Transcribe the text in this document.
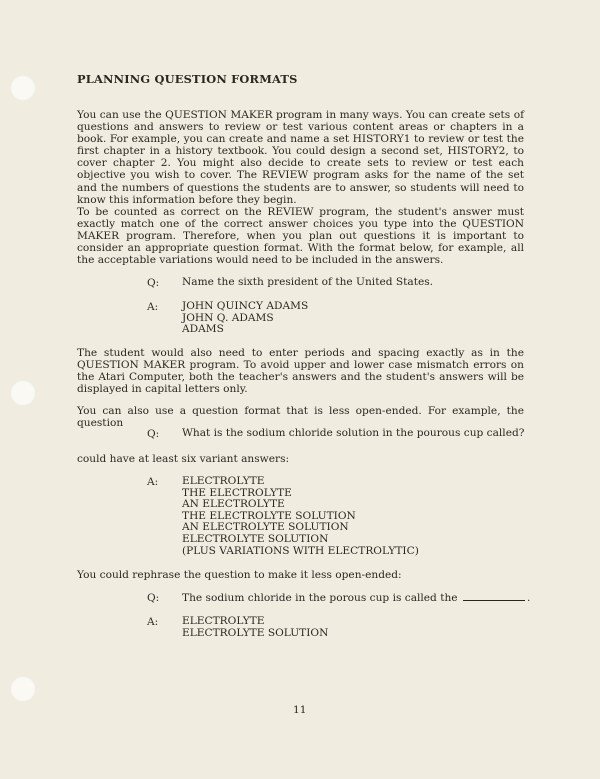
PLANNING QUESTION FORMATS

You can use the QUESTION MAKER program in many ways. You can create sets of questions and answers to review or test various content areas or chapters in a book. For example, you can create and name a set HISTORY1 to review or test the first chapter in a history textbook. You could design a second set, HISTORY2, to cover chapter 2. You might also decide to create sets to review or test each objective you wish to cover. The REVIEW program asks for the name of the set and the numbers of questions the students are to answer, so students will need to know this information before they begin.

To be counted as correct on the REVIEW program, the student's answer must exactly match one of the correct answer choices you type into the QUESTION MAKER program. Therefore, when you plan out questions it is important to consider an appropriate question format. With the format below, for example, all the acceptable variations would need to be included in the answers.

Q: Name the sixth president of the United States.
A: JOHN QUINCY ADAMS
JOHN Q. ADAMS
ADAMS

The student would also need to enter periods and spacing exactly as in the QUESTION MAKER program. To avoid upper and lower case mismatch errors on the Atari Computer, both the teacher's answers and the student's answers will be displayed in capital letters only.

You can also use a question format that is less open-ended. For example, the question

Q: What is the sodium chloride solution in the pourous cup called?

could have at least six variant answers:

A: ELECTROLYTE
THE ELECTROLYTE
AN ELECTROLYTE
THE ELECTROLYTE SOLUTION
AN ELECTROLYTE SOLUTION
ELECTROLYTE SOLUTION
(PLUS VARIATIONS WITH ELECTROLYTIC)

You could rephrase the question to make it less open-ended:

Q: The sodium chloride in the porous cup is called the	.
A: ELECTROLYTE
ELECTROLYTE SOLUTION
11
